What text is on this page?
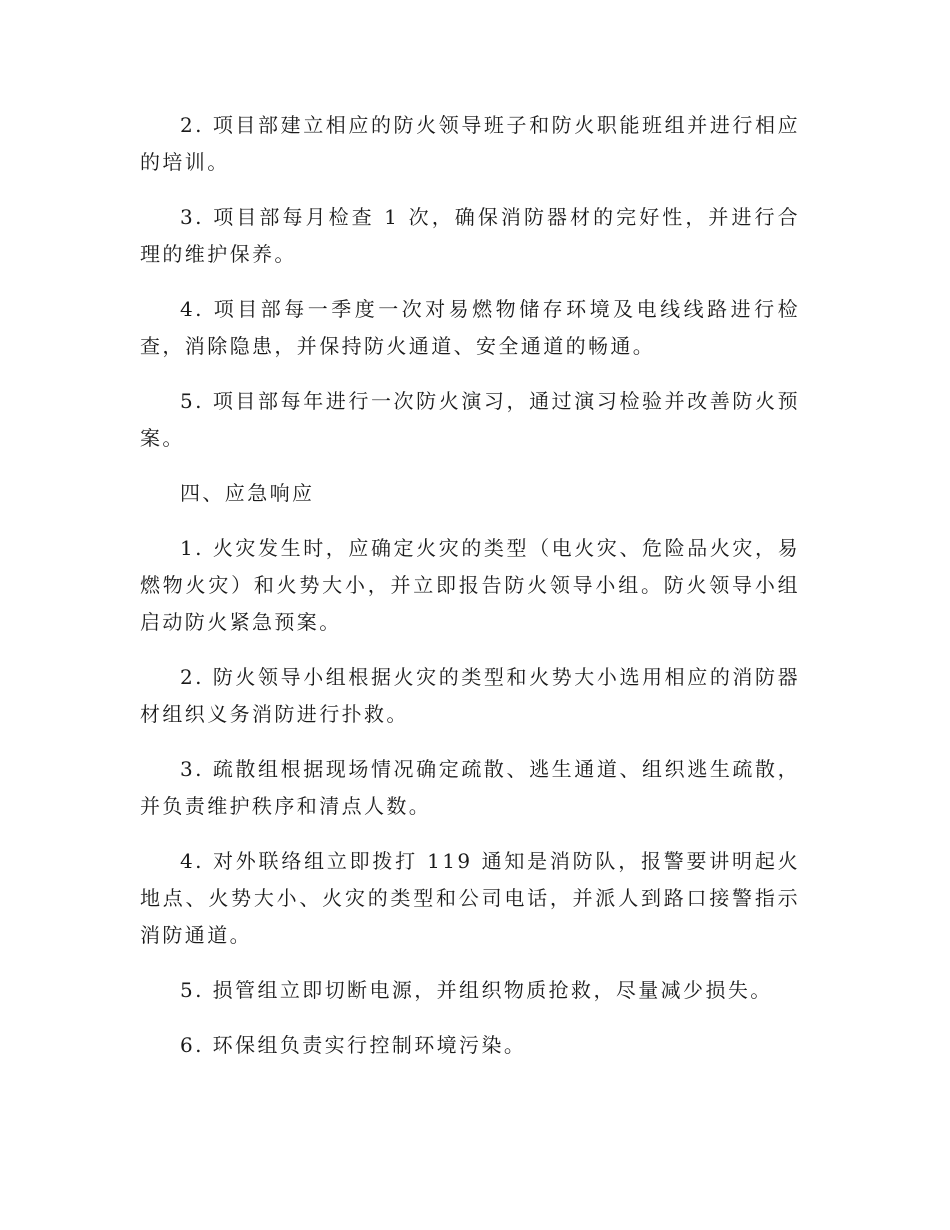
2. 项目部建立相应的防火领导班子和防火职能班组并进行相应的培训。

3. 项目部每月检查 1 次，确保消防器材的完好性，并进行合理的维护保养。

4. 项目部每一季度一次对易燃物储存环境及电线线路进行检查，消除隐患，并保持防火通道、安全通道的畅通。

5. 项目部每年进行一次防火演习，通过演习检验并改善防火预案。

四、应急响应

1. 火灾发生时，应确定火灾的类型（电火灾、危险品火灾，易燃物火灾）和火势大小，并立即报告防火领导小组。防火领导小组启动防火紧急预案。

2. 防火领导小组根据火灾的类型和火势大小选用相应的消防器材组织义务消防进行扑救。

3. 疏散组根据现场情况确定疏散、逃生通道、组织逃生疏散，并负责维护秩序和清点人数。

4. 对外联络组立即拨打 119 通知是消防队，报警要讲明起火地点、火势大小、火灾的类型和公司电话，并派人到路口接警指示消防通道。

5. 损管组立即切断电源，并组织物质抢救，尽量减少损失。

6. 环保组负责实行控制环境污染。
